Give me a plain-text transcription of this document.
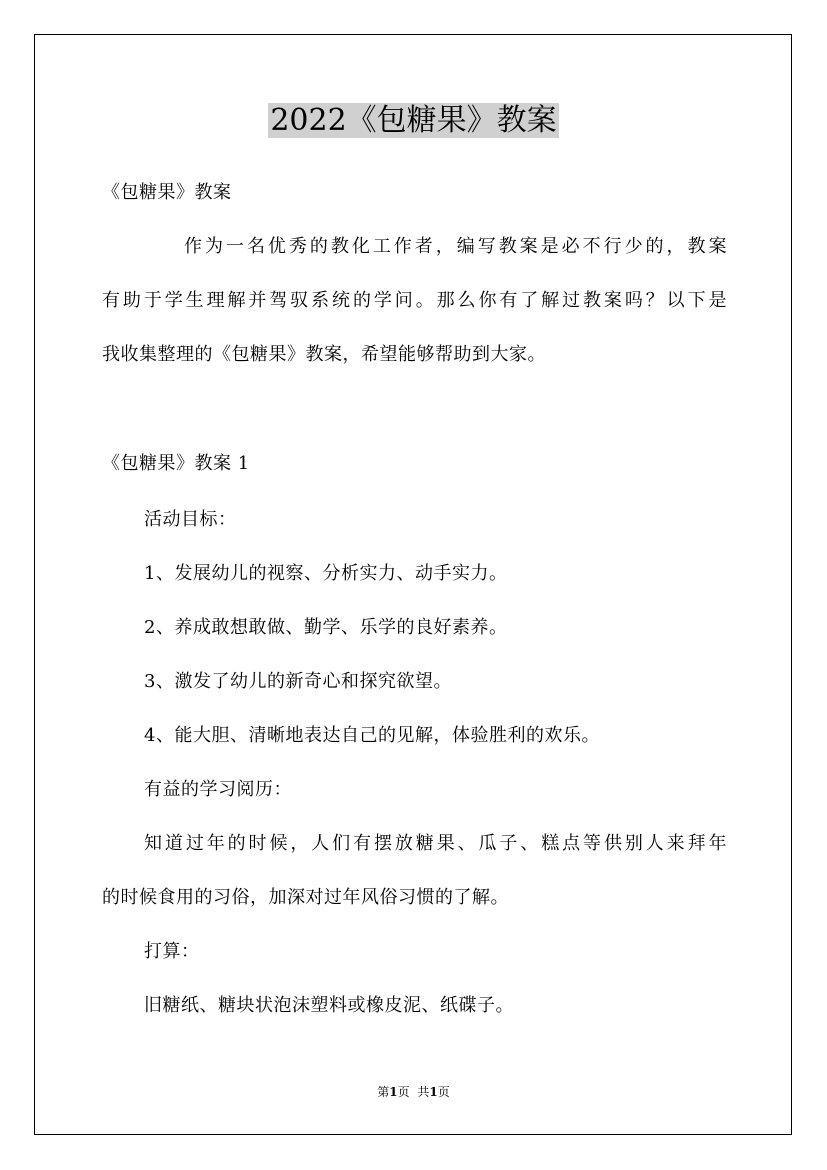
2022《包糖果》教案
《包糖果》教案
作为一名优秀的教化工作者，编写教案是必不行少的，教案
有助于学生理解并驾驭系统的学问。那么你有了解过教案吗？以下是
我收集整理的《包糖果》教案，希望能够帮助到大家。
《包糖果》教案 1
活动目标：
1、发展幼儿的视察、分析实力、动手实力。
2、养成敢想敢做、勤学、乐学的良好素养。
3、激发了幼儿的新奇心和探究欲望。
4、能大胆、清晰地表达自己的见解，体验胜利的欢乐。
有益的学习阅历：
知道过年的时候，人们有摆放糖果、瓜子、糕点等供别人来拜年
的时候食用的习俗，加深对过年风俗习惯的了解。
打算：
旧糖纸、糖块状泡沫塑料或橡皮泥、纸碟子。
第1页 共1页
